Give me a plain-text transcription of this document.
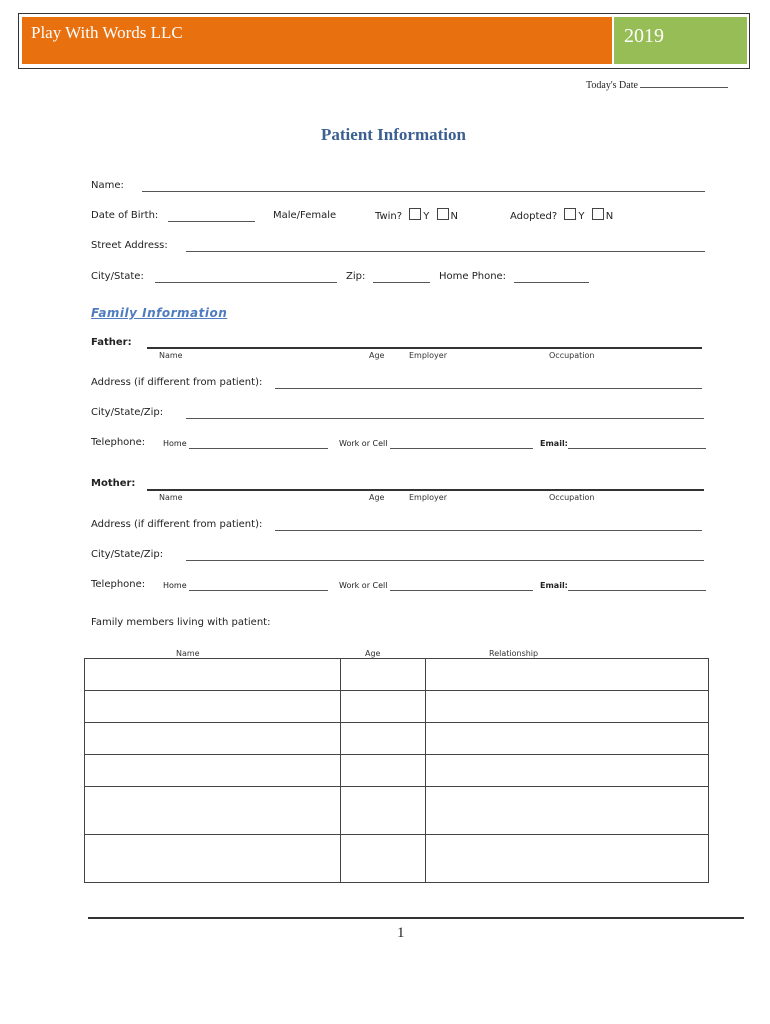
Play With Words LLC	2019
Today's Date
Patient Information
Name:
Date of Birth:	Male/Female	Twin? Y N	Adopted? Y N
Street Address:
City/State:	Zip:	Home Phone:
Family Information
Father:
Name	Age	Employer	Occupation
Address (if different from patient):
City/State/Zip:
Telephone: Home	Work or Cell	Email:
Mother:
Name	Age	Employer	Occupation
Address (if different from patient):
City/State/Zip:
Telephone: Home	Work or Cell	Email:
Family members living with patient:
Name	Age	Relationship

1
